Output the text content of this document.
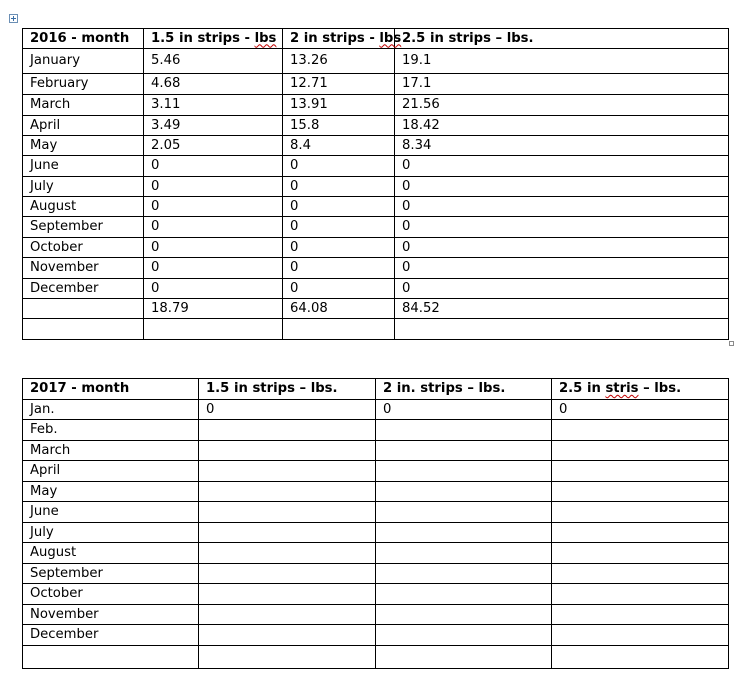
2016 - month	1.5 in strips - lbs	2 in strips - lbs	2.5 in strips – lbs.
January	5.46	13.26	19.1
February	4.68	12.71	17.1
March	3.11	13.91	21.56
April	3.49	15.8	18.42
May	2.05	8.4	8.34
June	0	0	0
July	0	0	0
August	0	0	0
September	0	0	0
October	0	0	0
November	0	0	0
December	0	0	0
	18.79	64.08	84.52

2017 - month	1.5 in strips – lbs.	2 in. strips – lbs.	2.5 in stris – lbs.
Jan.	0	0	0
Feb.			
March			
April			
May			
June			
July			
August			
September			
October			
November			
December			
